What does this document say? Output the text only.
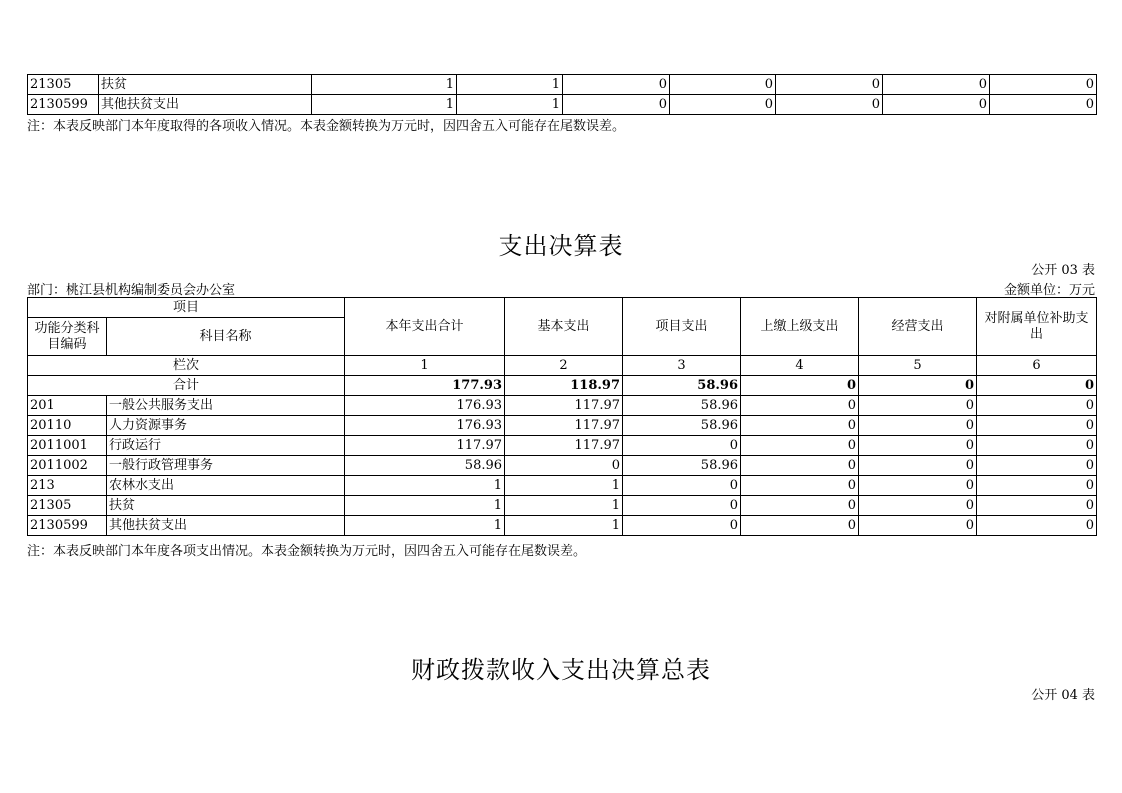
21305	扶贫	1	1	0	0	0	0	0
2130599	其他扶贫支出	1	1	0	0	0	0	0
注：本表反映部门本年度取得的各项收入情况。本表金额转换为万元时，因四舍五入可能存在尾数误差。
支出决算表
公开 03 表
部门：桃江县机构编制委员会办公室	金额单位：万元
项目		本年支出合计	基本支出	项目支出	上缴上级支出	经营支出	对附属单位补助支出
功能分类科目编码	科目名称						
栏次		1	2	3	4	5	6
合计		177.93	118.97	58.96	0	0	0
201	一般公共服务支出	176.93	117.97	58.96	0	0	0
20110	人力资源事务	176.93	117.97	58.96	0	0	0
2011001	行政运行	117.97	117.97	0	0	0	0
2011002	一般行政管理事务	58.96	0	58.96	0	0	0
213	农林水支出	1	1	0	0	0	0
21305	扶贫	1	1	0	0	0	0
2130599	其他扶贫支出	1	1	0	0	0	0
注：本表反映部门本年度各项支出情况。本表金额转换为万元时，因四舍五入可能存在尾数误差。
财政拨款收入支出决算总表
公开 04 表
